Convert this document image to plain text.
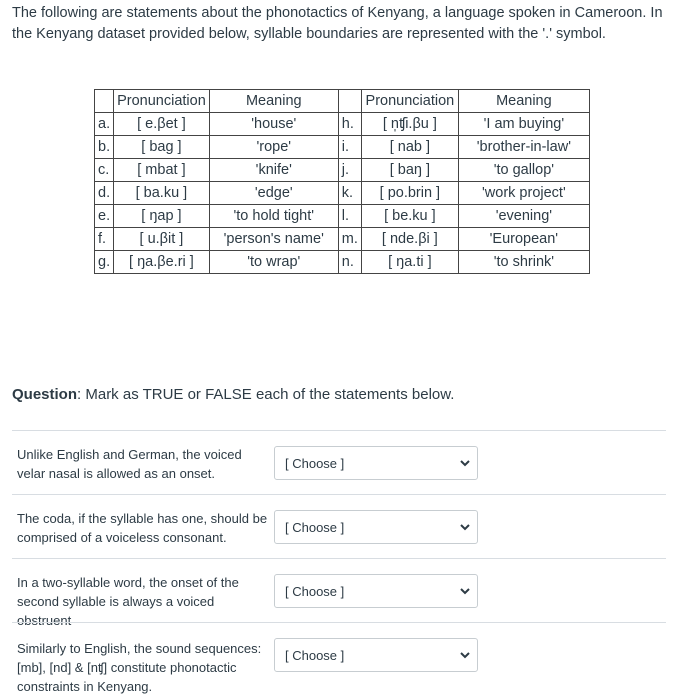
The following are statements about the phonotactics of Kenyang, a language spoken in Cameroon. In the Kenyang dataset provided below, syllable boundaries are represented with the '.' symbol.
	Pronunciation	Meaning		Pronunciation	Meaning
a.	[ e.βet ]	'house'	h.	[ n̩ʧi.βu ]	'I am buying'
b.	[ bag ]	'rope'	i.	[ nab ]	'brother-in-law'
c.	[ mbat ]	'knife'	j.	[ baŋ ]	'to gallop'
d.	[ ba.ku ]	'edge'	k.	[ po.brin ]	'work project'
e.	[ ŋap ]	'to hold tight'	l.	[ be.ku ]	'evening'
f.	[ u.βit ]	'person's name'	m.	[ nde.βi ]	'European'
g.	[ ŋa.βe.ri ]	'to wrap'	n.	[ ŋa.ti ]	'to shrink'
Question: Mark as TRUE or FALSE each of the statements below.
Unlike English and German, the voiced velar nasal is allowed as an onset.
[ Choose ]
The coda, if the syllable has one, should be comprised of a voiceless consonant.
[ Choose ]
In a two-syllable word, the onset of the second syllable is always a voiced obstruent
[ Choose ]
Similarly to English, the sound sequences: [mb], [nd] & [nʧ] constitute phonotactic constraints in Kenyang.
[ Choose ]
